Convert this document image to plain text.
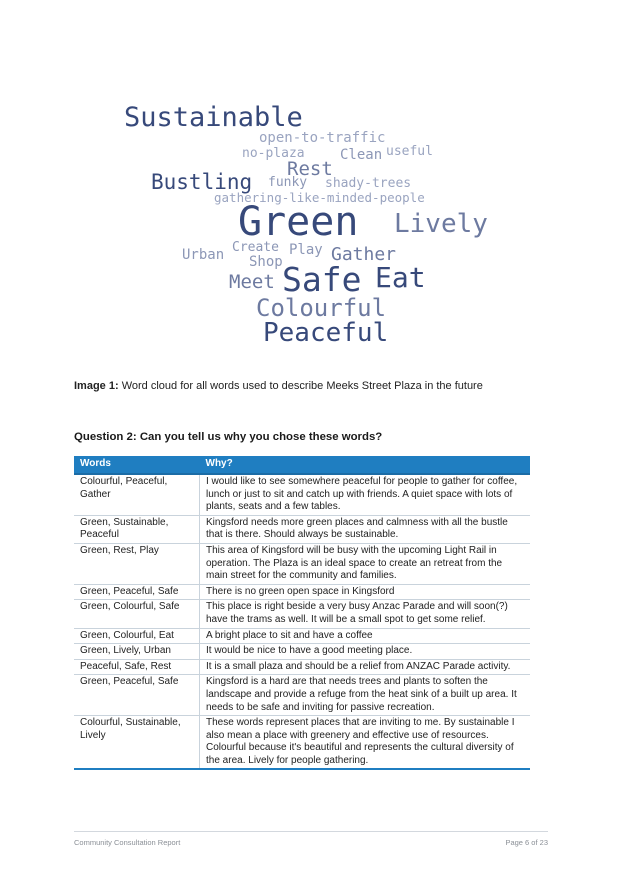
Sustainable
open-to-traffic
no-plaza	Clean useful
Rest
Bustling funky shady-trees
gathering-like-minded-people
Green Lively
Urban Create Play Gather
Shop
Meet Safe Eat
Colourful
Peaceful
Image 1: Word cloud for all words used to describe Meeks Street Plaza in the future
Question 2: Can you tell us why you chose these words?
Words	Why?
Colourful, Peaceful, Gather	I would like to see somewhere peaceful for people to gather for coffee, lunch or just to sit and catch up with friends. A quiet space with lots of plants, seats and a few tables.
Green, Sustainable, Peaceful	Kingsford needs more green places and calmness with all the bustle that is there. Should always be sustainable.
Green, Rest, Play	This area of Kingsford will be busy with the upcoming Light Rail in operation. The Plaza is an ideal space to create an retreat from the main street for the community and families.
Green, Peaceful, Safe	There is no green open space in Kingsford
Green, Colourful, Safe	This place is right beside a very busy Anzac Parade and will soon(?) have the trams as well. It will be a small spot to get some relief.
Green, Colourful, Eat	A bright place to sit and have a coffee
Green, Lively, Urban	It would be nice to have a good meeting place.
Peaceful, Safe, Rest	It is a small plaza and should be a relief from ANZAC Parade activity.
Green, Peaceful, Safe	Kingsford is a hard are that needs trees and plants to soften the landscape and provide a refuge from the heat sink of a built up area. It needs to be safe and inviting for passive recreation.
Colourful, Sustainable, Lively	These words represent places that are inviting to me. By sustainable I also mean a place with greenery and effective use of resources. Colourful because it's beautiful and represents the cultural diversity of the area. Lively for people gathering.
Community Consultation Report	Page 6 of 23
